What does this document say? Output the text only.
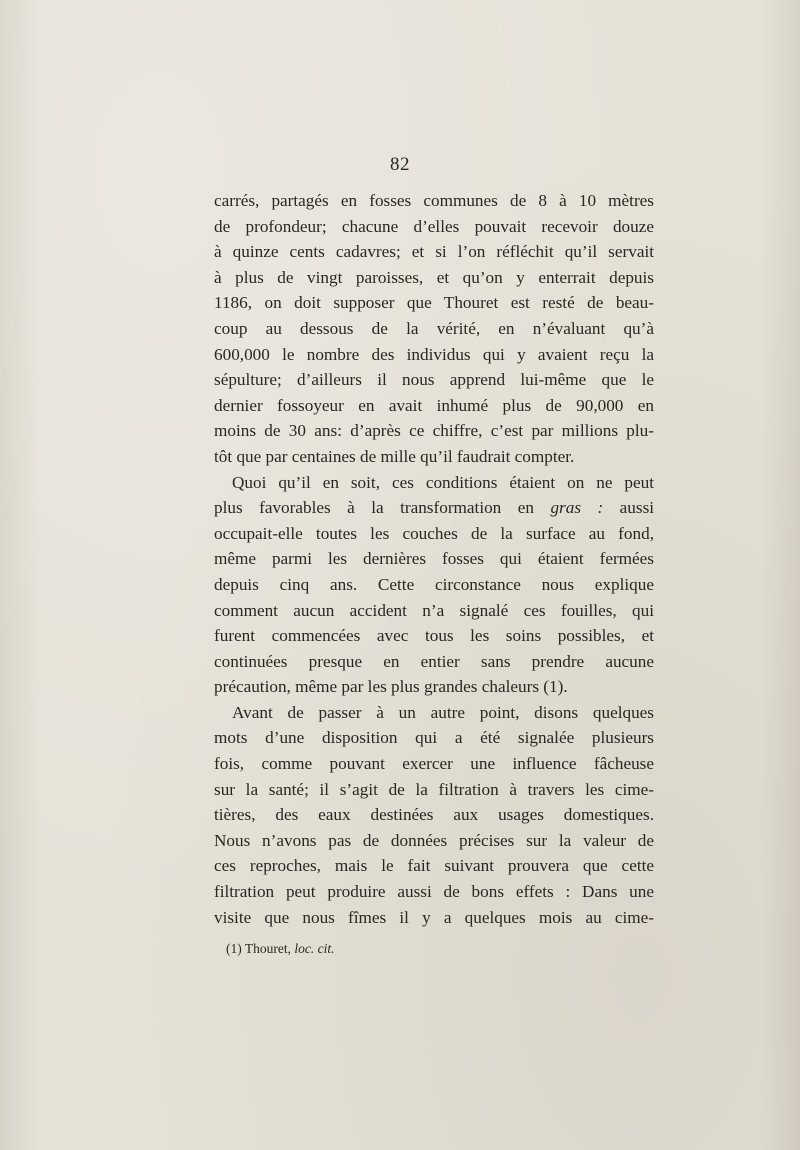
82
carrés, partagés en fosses communes de 8 à 10 mètres
de profondeur; chacune d’elles pouvait recevoir douze
à quinze cents cadavres; et si l’on réfléchit qu’il servait
à plus de vingt paroisses, et qu’on y enterrait depuis
1186, on doit supposer que Thouret est resté de beau-
coup au dessous de la vérité, en n’évaluant qu’à
600,000 le nombre des individus qui y avaient reçu la
sépulture; d’ailleurs il nous apprend lui-même que le
dernier fossoyeur en avait inhumé plus de 90,000 en
moins de 30 ans: d’après ce chiffre, c’est par millions plu-
tôt que par centaines de mille qu’il faudrait compter.
Quoi qu’il en soit, ces conditions étaient on ne peut
plus favorables à la transformation en gras : aussi
occupait-elle toutes les couches de la surface au fond,
même parmi les dernières fosses qui étaient fermées
depuis cinq ans. Cette circonstance nous explique
comment aucun accident n’a signalé ces fouilles, qui
furent commencées avec tous les soins possibles, et
continuées presque en entier sans prendre aucune
précaution, même par les plus grandes chaleurs (1).
Avant de passer à un autre point, disons quelques
mots d’une disposition qui a été signalée plusieurs
fois, comme pouvant exercer une influence fâcheuse
sur la santé; il s’agit de la filtration à travers les cime-
tières, des eaux destinées aux usages domestiques.
Nous n’avons pas de données précises sur la valeur de
ces reproches, mais le fait suivant prouvera que cette
filtration peut produire aussi de bons effets : Dans une
visite que nous fîmes il y a quelques mois au cime-
(1) Thouret, loc. cit.
